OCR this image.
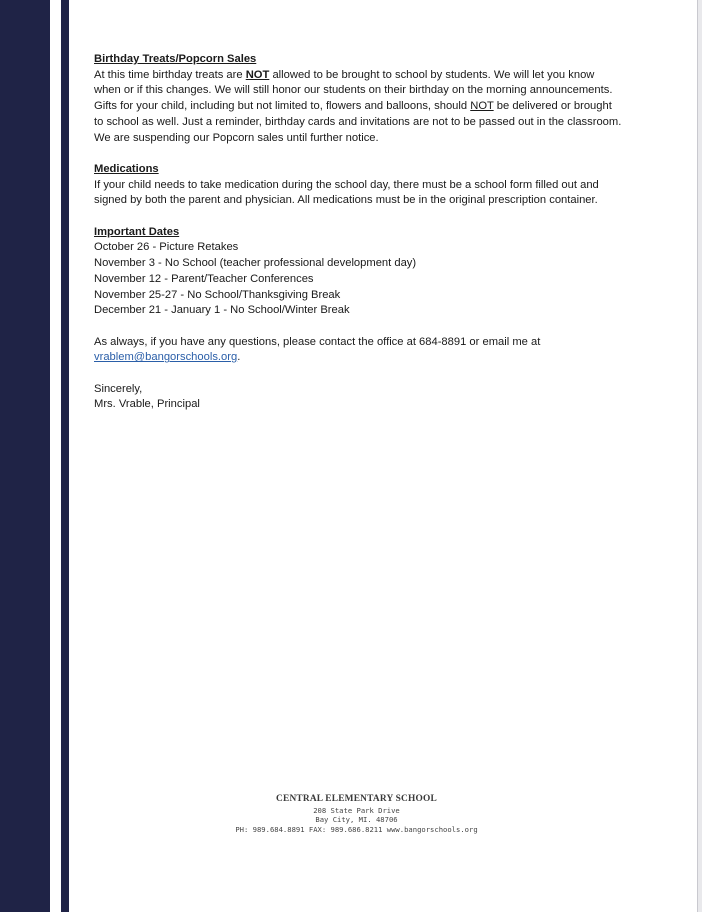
Birthday Treats/Popcorn Sales
At this time birthday treats are NOT allowed to be brought to school by students. We will let you know when or if this changes. We will still honor our students on their birthday on the morning announcements. Gifts for your child, including but not limited to, flowers and balloons, should NOT be delivered or brought to school as well. Just a reminder, birthday cards and invitations are not to be passed out in the classroom. We are suspending our Popcorn sales until further notice.
Medications
If your child needs to take medication during the school day, there must be a school form filled out and signed by both the parent and physician. All medications must be in the original prescription container.
Important Dates
October 26 - Picture Retakes
November 3 - No School (teacher professional development day)
November 12 - Parent/Teacher Conferences
November 25-27 - No School/Thanksgiving Break
December 21 - January 1 - No School/Winter Break
As always, if you have any questions, please contact the office at 684-8891 or email me at vrablem@bangorschools.org.
Sincerely,
Mrs. Vrable, Principal
CENTRAL ELEMENTARY SCHOOL
208 State Park Drive
Bay City, MI. 48706
PH: 989.684.8891 FAX: 989.686.8211 www.bangorschools.org
